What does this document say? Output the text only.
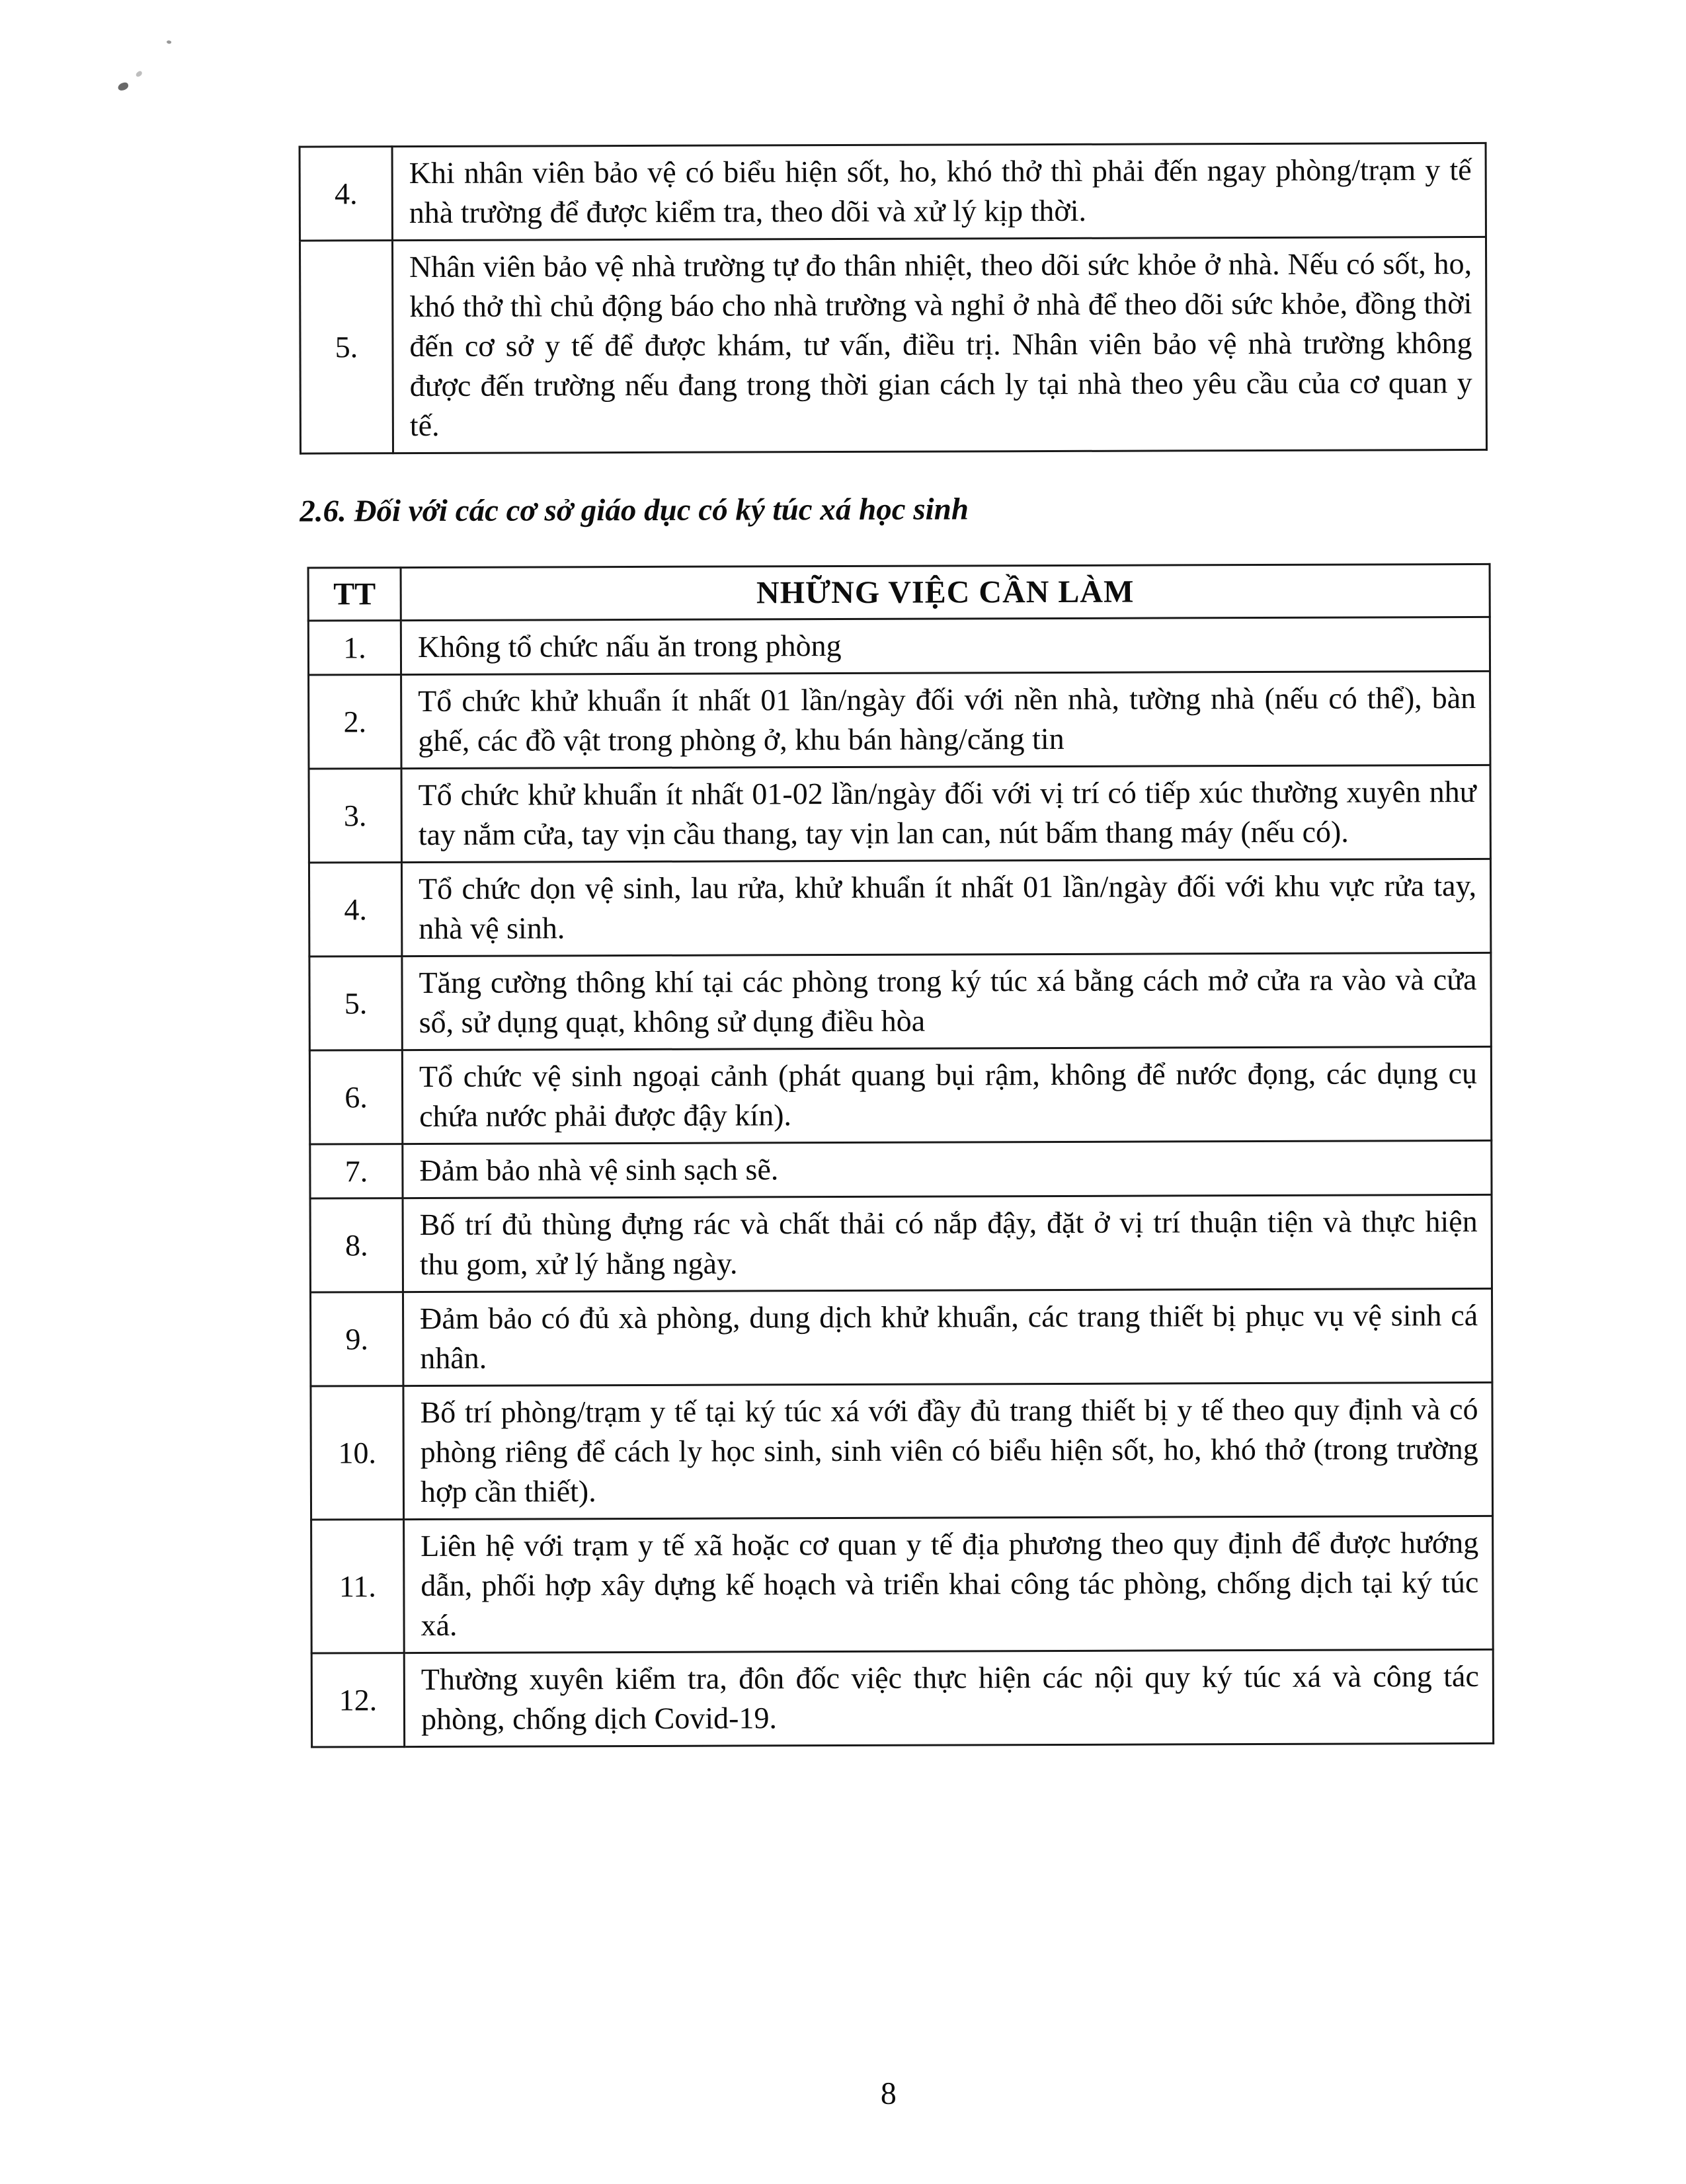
4.	Khi nhân viên bảo vệ có biểu hiện sốt, ho, khó thở thì phải đến ngay phòng/trạm y tế nhà trường để được kiểm tra, theo dõi và xử lý kịp thời.
5.	Nhân viên bảo vệ nhà trường tự đo thân nhiệt, theo dõi sức khỏe ở nhà. Nếu có sốt, ho, khó thở thì chủ động báo cho nhà trường và nghỉ ở nhà để theo dõi sức khỏe, đồng thời đến cơ sở y tế để được khám, tư vấn, điều trị. Nhân viên bảo vệ nhà trường không được đến trường nếu đang trong thời gian cách ly tại nhà theo yêu cầu của cơ quan y tế.
2.6. Đối với các cơ sở giáo dục có ký túc xá học sinh
TT	NHỮNG VIỆC CẦN LÀM
1.	Không tổ chức nấu ăn trong phòng
2.	Tổ chức khử khuẩn ít nhất 01 lần/ngày đối với nền nhà, tường nhà (nếu có thể), bàn ghế, các đồ vật trong phòng ở, khu bán hàng/căng tin
3.	Tổ chức khử khuẩn ít nhất 01-02 lần/ngày đối với vị trí có tiếp xúc thường xuyên như tay nắm cửa, tay vịn cầu thang, tay vịn lan can, nút bấm thang máy (nếu có).
4.	Tổ chức dọn vệ sinh, lau rửa, khử khuẩn ít nhất 01 lần/ngày đối với khu vực rửa tay, nhà vệ sinh.
5.	Tăng cường thông khí tại các phòng trong ký túc xá bằng cách mở cửa ra vào và cửa sổ, sử dụng quạt, không sử dụng điều hòa
6.	Tổ chức vệ sinh ngoại cảnh (phát quang bụi rậm, không để nước đọng, các dụng cụ chứa nước phải được đậy kín).
7.	Đảm bảo nhà vệ sinh sạch sẽ.
8.	Bố trí đủ thùng đựng rác và chất thải có nắp đậy, đặt ở vị trí thuận tiện và thực hiện thu gom, xử lý hằng ngày.
9.	Đảm bảo có đủ xà phòng, dung dịch khử khuẩn, các trang thiết bị phục vụ vệ sinh cá nhân.
10.	Bố trí phòng/trạm y tế tại ký túc xá với đầy đủ trang thiết bị y tế theo quy định và có phòng riêng để cách ly học sinh, sinh viên có biểu hiện sốt, ho, khó thở (trong trường hợp cần thiết).
11.	Liên hệ với trạm y tế xã hoặc cơ quan y tế địa phương theo quy định để được hướng dẫn, phối hợp xây dựng kế hoạch và triển khai công tác phòng, chống dịch tại ký túc xá.
12.	Thường xuyên kiểm tra, đôn đốc việc thực hiện các nội quy ký túc xá và công tác phòng, chống dịch Covid-19.
8
